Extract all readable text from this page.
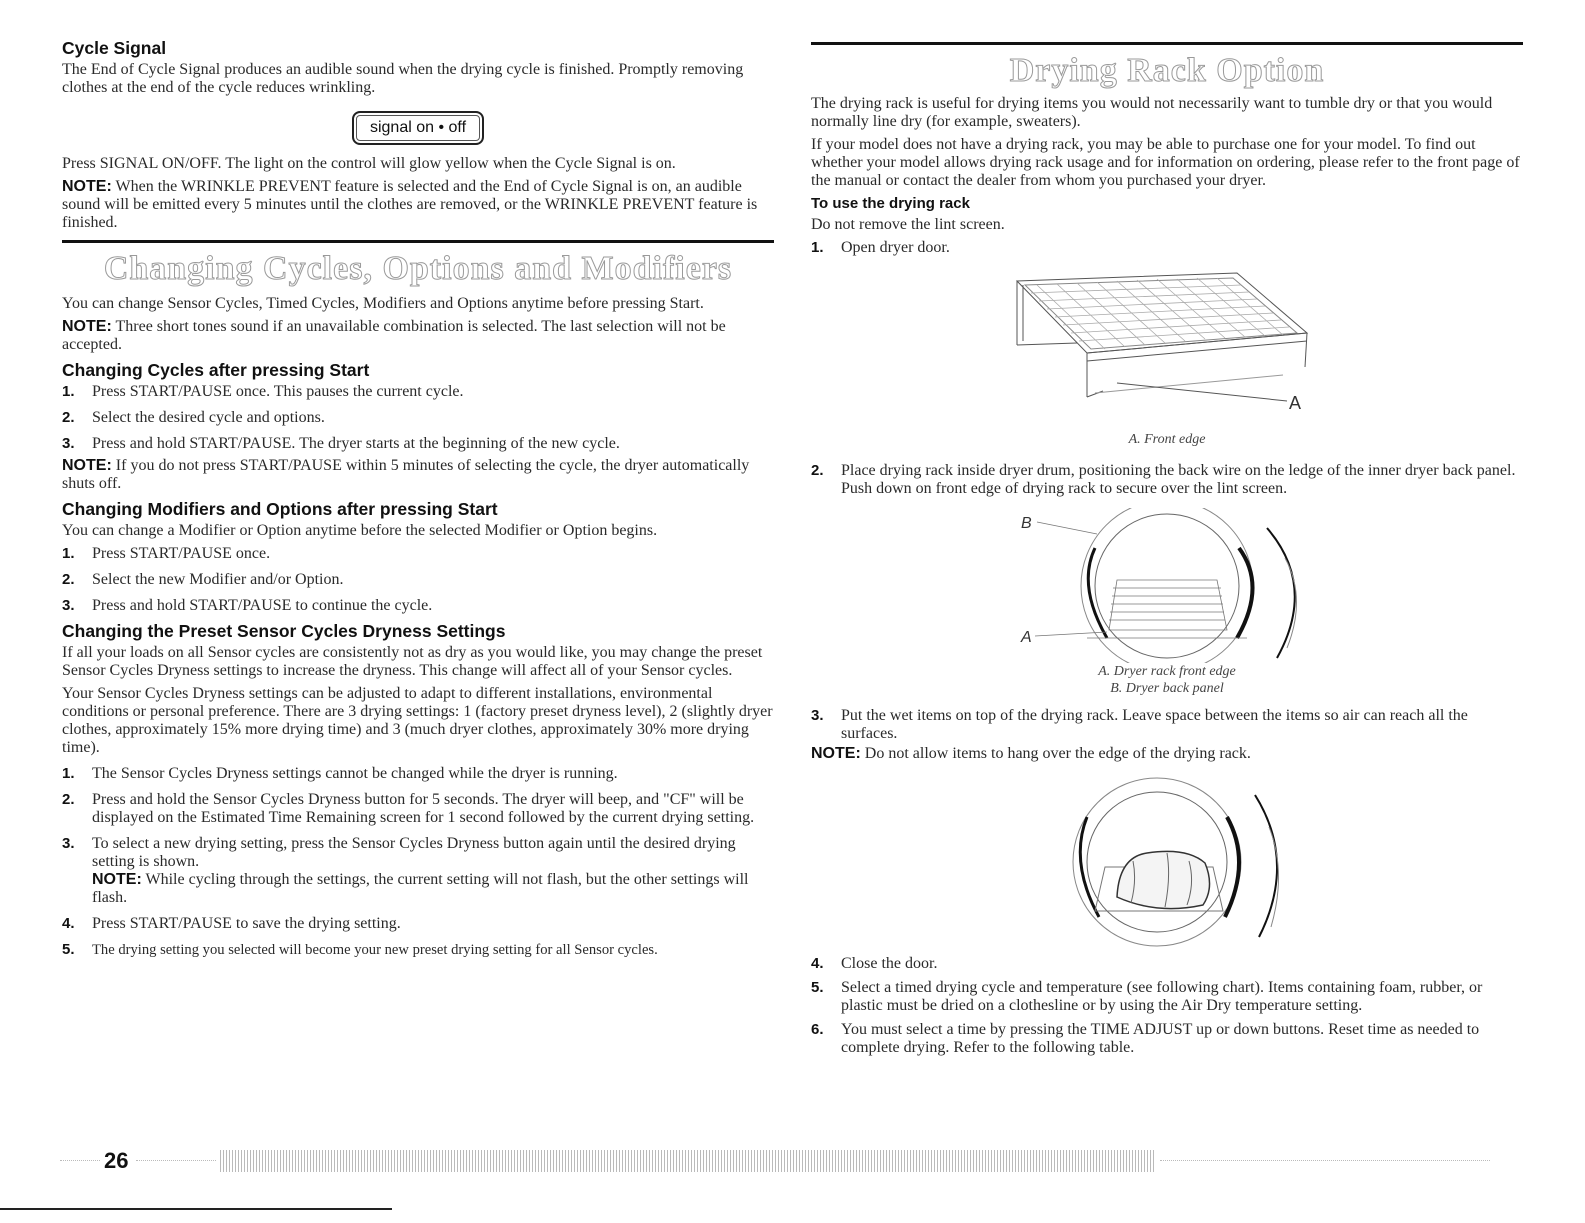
Cycle Signal

The End of Cycle Signal produces an audible sound when the drying cycle is finished. Promptly removing clothes at the end of the cycle reduces wrinkling.

signal on • off

Press SIGNAL ON/OFF. The light on the control will glow yellow when the Cycle Signal is on.

NOTE: When the WRINKLE PREVENT feature is selected and the End of Cycle Signal is on, an audible sound will be emitted every 5 minutes until the clothes are removed, or the WRINKLE PREVENT feature is finished.

Changing Cycles, Options and Modifiers

You can change Sensor Cycles, Timed Cycles, Modifiers and Options anytime before pressing Start.

NOTE: Three short tones sound if an unavailable combination is selected. The last selection will not be accepted.

Changing Cycles after pressing Start
1. Press START/PAUSE once. This pauses the current cycle.
2. Select the desired cycle and options.
3. Press and hold START/PAUSE. The dryer starts at the beginning of the new cycle.

NOTE: If you do not press START/PAUSE within 5 minutes of selecting the cycle, the dryer automatically shuts off.

Changing Modifiers and Options after pressing Start

You can change a Modifier or Option anytime before the selected Modifier or Option begins.

1. Press START/PAUSE once.
2. Select the new Modifier and/or Option.
3. Press and hold START/PAUSE to continue the cycle.
Changing the Preset Sensor Cycles Dryness Settings

If all your loads on all Sensor cycles are consistently not as dry as you would like, you may change the preset Sensor Cycles Dryness settings to increase the dryness. This change will affect all of your Sensor cycles.

Your Sensor Cycles Dryness settings can be adjusted to adapt to different installations, environmental conditions or personal preference. There are 3 drying settings: 1 (factory preset dryness level), 2 (slightly dryer clothes, approximately 15% more drying time) and 3 (much dryer clothes, approximately 30% more drying time).

1. The Sensor Cycles Dryness settings cannot be changed while the dryer is running.
2. Press and hold the Sensor Cycles Dryness button for 5 seconds. The dryer will beep, and "CF" will be displayed on the Estimated Time Remaining screen for 1 second followed by the current drying setting.
3. To select a new drying setting, press the Sensor Cycles Dryness button again until the desired drying setting is shown.
NOTE: While cycling through the settings, the current setting will not flash, but the other settings will flash.
4. Press START/PAUSE to save the drying setting.
5. The drying setting you selected will become your new preset drying setting for all Sensor cycles.
Drying Rack Option

The drying rack is useful for drying items you would not necessarily want to tumble dry or that you would normally line dry (for example, sweaters).

If your model does not have a drying rack, you may be able to purchase one for your model. To find out whether your model allows drying rack usage and for information on ordering, please refer to the front page of the manual or contact the dealer from whom you purchased your dryer.

To use the drying rack

Do not remove the lint screen.

1. Open dryer door.
A
A. Front edge
2. Place drying rack inside dryer drum, positioning the back wire on the ledge of the inner dryer back panel. Push down on front edge of drying rack to secure over the lint screen.
B
A
A. Dryer rack front edge
B. Dryer back panel
3. Put the wet items on top of the drying rack. Leave space between the items so air can reach all the surfaces.

NOTE: Do not allow items to hang over the edge of the drying rack.

4. Close the door.
5. Select a timed drying cycle and temperature (see following chart). Items containing foam, rubber, or plastic must be dried on a clothesline or by using the Air Dry temperature setting.
6. You must select a time by pressing the TIME ADJUST up or down buttons. Reset time as needed to complete drying. Refer to the following table.
26
